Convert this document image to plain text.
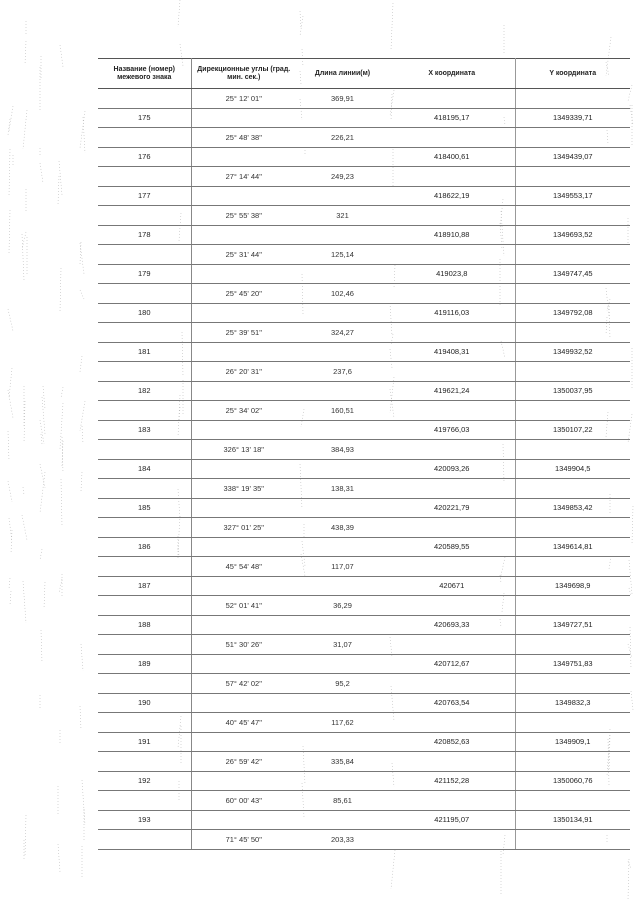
Название (номер) межевого знака	Дирекционные углы (град. мин. сек.)	Длина линии(м)	X координата	Y координата
	25° 12' 01"	369,91		
175			418195,17	1349339,71
	25° 48' 38"	226,21		
176			418400,61	1349439,07
	27° 14' 44"	249,23		
177			418622,19	1349553,17
	25° 55' 38"	321		
178			418910,88	1349693,52
	25° 31' 44"	125,14		
179			419023,8	1349747,45
	25° 45' 20"	102,46		
180			419116,03	1349792,08
	25° 39' 51"	324,27		
181			419408,31	1349932,52
	26° 20' 31"	237,6		
182			419621,24	1350037,95
	25° 34' 02"	160,51		
183			419766,03	1350107,22
	326° 13' 18"	384,93		
184			420093,26	1349904,5
	338° 19' 35"	138,31		
185			420221,79	1349853,42
	327° 01' 25"	438,39		
186			420589,55	1349614,81
	45° 54' 48"	117,07		
187			420671	1349698,9
	52° 01' 41"	36,29		
188			420693,33	1349727,51
	51° 30' 26"	31,07		
189			420712,67	1349751,83
	57° 42' 02"	95,2		
190			420763,54	1349832,3
	40° 45' 47"	117,62		
191			420852,63	1349909,1
	26° 59' 42"	335,84		
192			421152,28	1350060,76
	60° 00' 43"	85,61		
193			421195,07	1350134,91
	71° 45' 50"	203,33		
